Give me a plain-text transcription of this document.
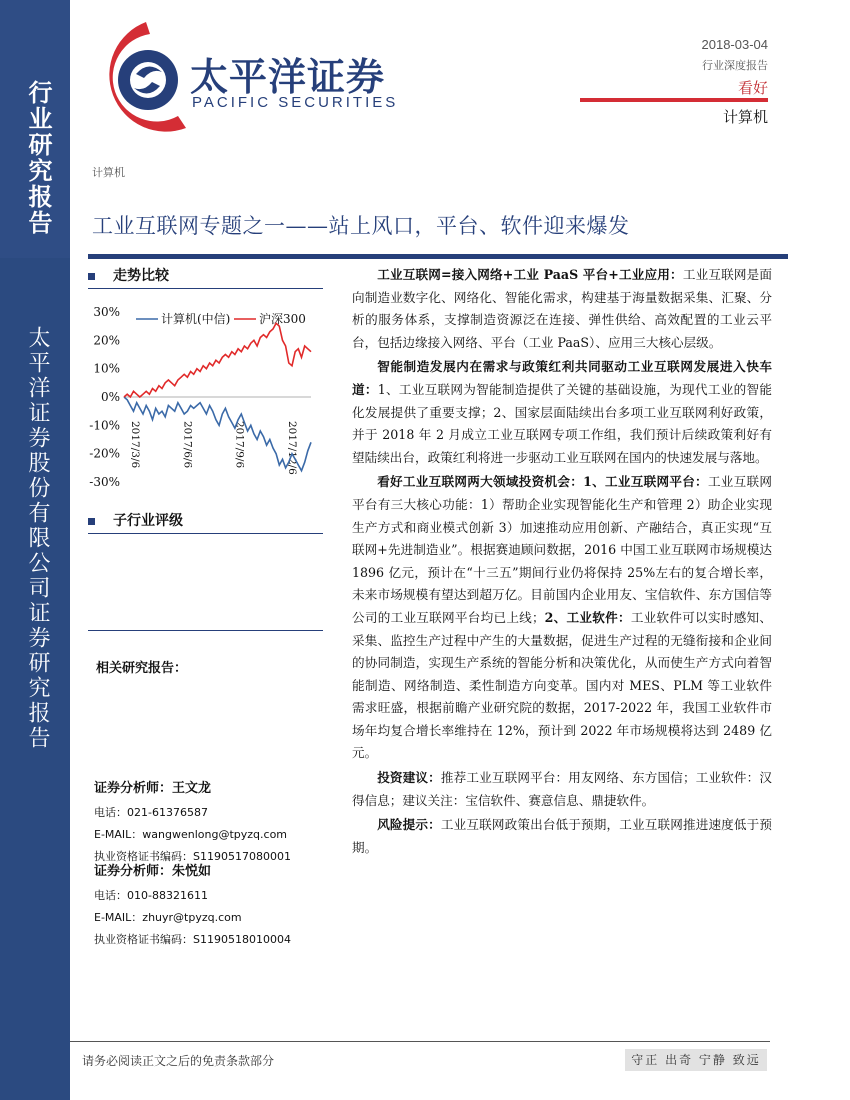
行业研究报告
太平洋证券股份有限公司证券研究报告
太平洋证券
PACIFIC SECURITIES
2018-03-04
行业深度报告
看好
计算机
计算机
工业互联网专题之一——站上风口，平台、软件迎来爆发
走势比较
30%
20%
10%
0%
-10%
-20%
-30%
2017/3/6	2017/6/6	2017/9/6	2017/12/6
计算机(中信) 沪深300
子行业评级
相关研究报告：
证券分析师：王文龙
电话：021-61376587
E-MAIL：wangwenlong@tpyzq.com
执业资格证书编码：S1190517080001
证券分析师：朱悦如
电话：010-88321611
E-MAIL：zhuyr@tpyzq.com
执业资格证书编码：S1190518010004

工业互联网=接入网络+工业 PaaS 平台+工业应用：工业互联网是面向制造业数字化、网络化、智能化需求，构建基于海量数据采集、汇聚、分析的服务体系，支撑制造资源泛在连接、弹性供给、高效配置的工业云平台，包括边缘接入网络、平台（工业 PaaS）、应用三大核心层级。

智能制造发展内在需求与政策红利共同驱动工业互联网发展进入快车道：1、工业互联网为智能制造提供了关键的基础设施，为现代工业的智能化发展提供了重要支撑；2、国家层面陆续出台多项工业互联网利好政策，并于 2018 年 2 月成立工业互联网专项工作组，我们预计后续政策利好有望陆续出台，政策红利将进一步驱动工业互联网在国内的快速发展与落地。

看好工业互联网两大领域投资机会：1、工业互联网平台：工业互联网平台有三大核心功能：1）帮助企业实现智能化生产和管理 2）助企业实现生产方式和商业模式创新 3）加速推动应用创新、产融结合，真正实现“互联网+先进制造业”。根据赛迪顾问数据，2016 中国工业互联网市场规模达 1896 亿元，预计在“十三五”期间行业仍将保持 25%左右的复合增长率，未来市场规模有望达到超万亿。目前国内企业用友、宝信软件、东方国信等公司的工业互联网平台均已上线；2、工业软件：工业软件可以实时感知、采集、监控生产过程中产生的大量数据，促进生产过程的无缝衔接和企业间的协同制造，实现生产系统的智能分析和决策优化，从而使生产方式向着智能制造、网络制造、柔性制造方向变革。国内对 MES、PLM 等工业软件需求旺盛，根据前瞻产业研究院的数据，2017-2022 年，我国工业软件市场年均复合增长率维持在 12%，预计到 2022 年市场规模将达到 2489 亿元。

投资建议：推荐工业互联网平台：用友网络、东方国信；工业软件：汉得信息；建议关注：宝信软件、赛意信息、鼎捷软件。

风险提示：工业互联网政策出台低于预期，工业互联网推进速度低于预期。

请务必阅读正文之后的免责条款部分	守正 出奇 宁静 致远
